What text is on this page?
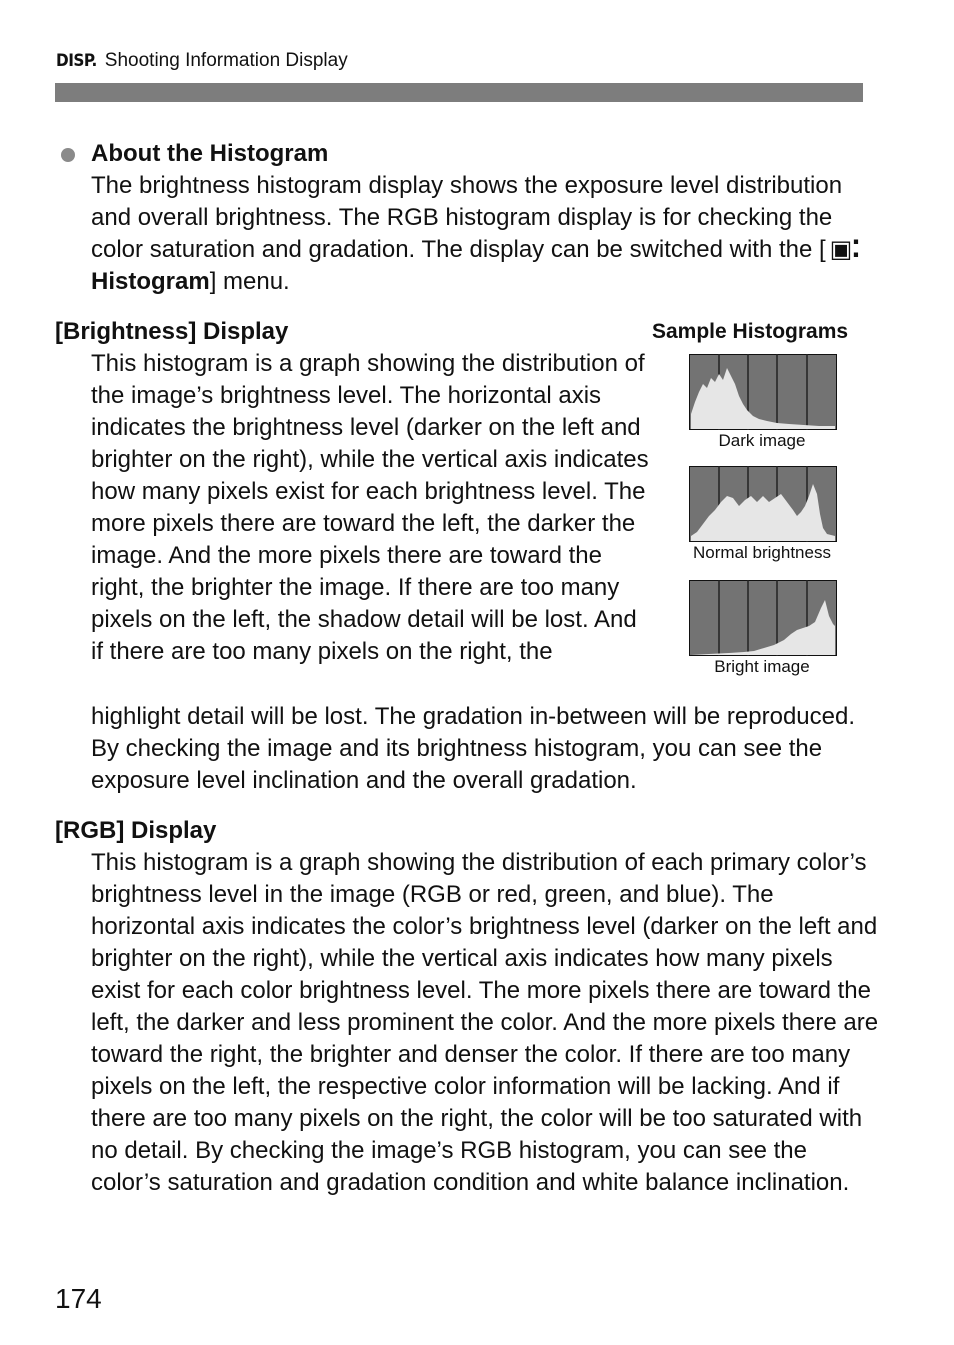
DISP. Shooting Information Display

About the Histogram

The brightness histogram display shows the exposure level distribution and overall brightness. The RGB histogram display is for checking the color saturation and gradation. The display can be switched with the [ ▣⁚Histogram] menu.

[Brightness] Display

This histogram is a graph showing the distribution of the image’s brightness level. The horizontal axis indicates the brightness level (darker on the left and brighter on the right), while the vertical axis indicates how many pixels exist for each brightness level. The more pixels there are toward the left, the darker the image. And the more pixels there are toward the right, the brighter the image. If there are too many pixels on the left, the shadow detail will be lost. And if there are too many pixels on the right, the

highlight detail will be lost. The gradation in-between will be reproduced. By checking the image and its brightness histogram, you can see the exposure level inclination and the overall gradation.

Sample Histograms
Dark image
Normal brightness
Bright image

[RGB] Display

This histogram is a graph showing the distribution of each primary color’s brightness level in the image (RGB or red, green, and blue). The horizontal axis indicates the color’s brightness level (darker on the left and brighter on the right), while the vertical axis indicates how many pixels exist for each color brightness level. The more pixels there are toward the left, the darker and less prominent the color. And the more pixels there are toward the right, the brighter and denser the color. If there are too many pixels on the left, the respective color information will be lacking. And if there are too many pixels on the right, the color will be too saturated with no detail. By checking the image’s RGB histogram, you can see the color’s saturation and gradation condition and white balance inclination.

174
